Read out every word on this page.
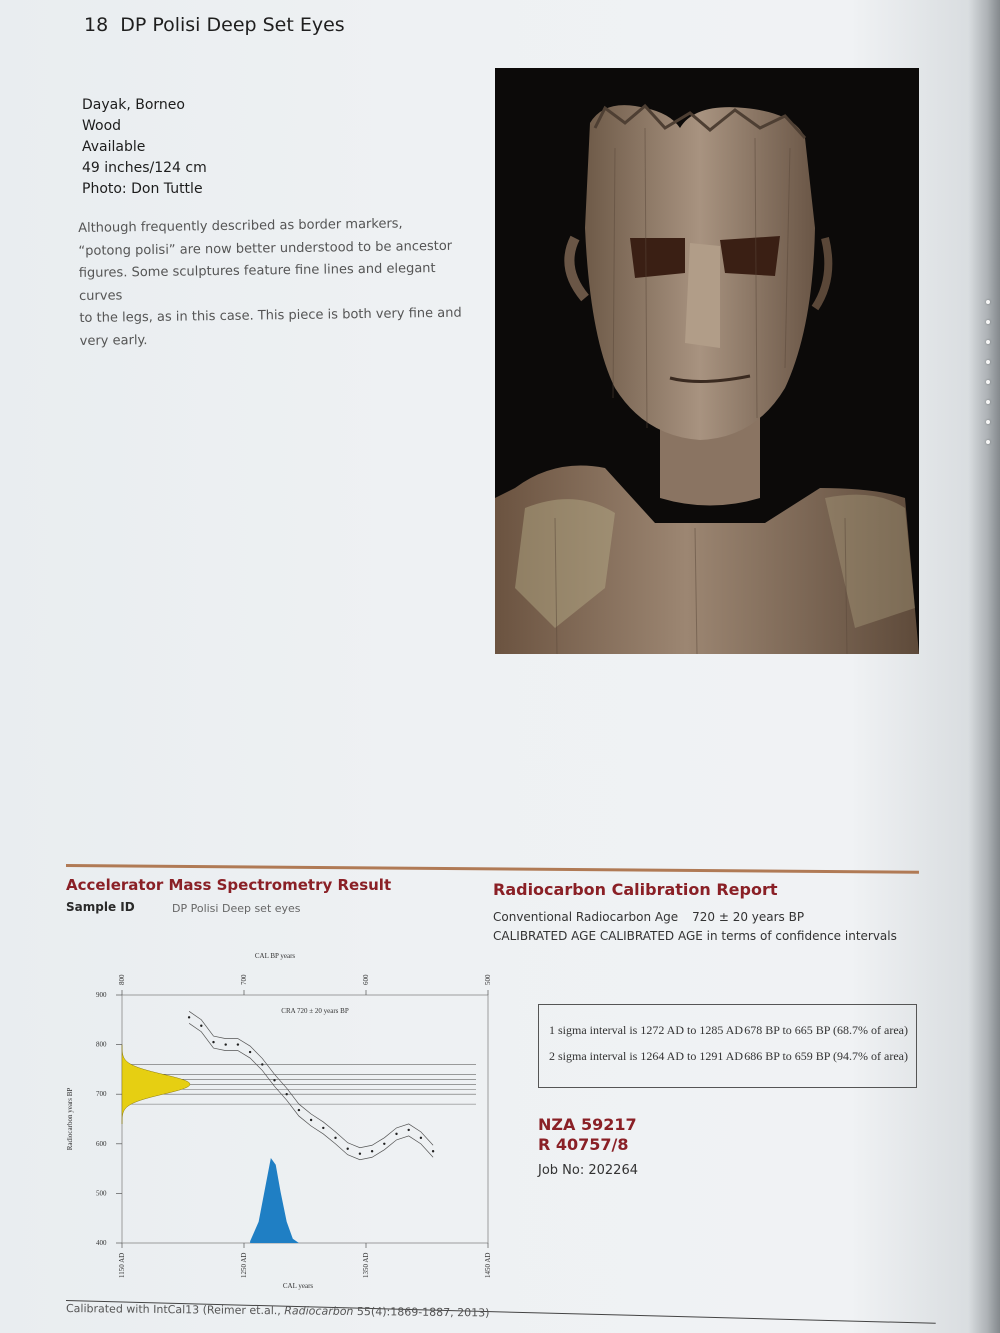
18 DP Polisi Deep Set Eyes
Dayak, Borneo
Wood
Available
49 inches/124 cm
Photo: Don Tuttle
Although frequently described as border markers,
“potong polisi” are now better understood to be ancestor
figures. Some sculptures feature fine lines and elegant curves
to the legs, as in this case. This piece is both very fine and
very early.
Accelerator Mass Spectrometry Result
Sample ID	DP Polisi Deep set eyes
Radiocarbon Calibration Report
Conventional Radiocarbon Age 720 ± 20 years BP
CALIBRATED AGE CALIBRATED AGE in terms of confidence intervals
1 sigma interval is 1272 AD to 1285 AD 678 BP to 665 BP (68.7% of area)
2 sigma interval is 1264 AD to 1291 AD 686 BP to 659 BP (94.7% of area)
NZA 59217
R 40757/8
Job No: 202264
900
800
700
600
500
400
1150 AD	1250 AD	1350 AD	1450 AD
800	700	600	500
CAL BP years
CAL years
Radiocarbon years BP
CRA 720 ± 20 years BP
Calibrated with IntCal13 (Reimer et.al., Radiocarbon 55(4):1869-1887, 2013)
